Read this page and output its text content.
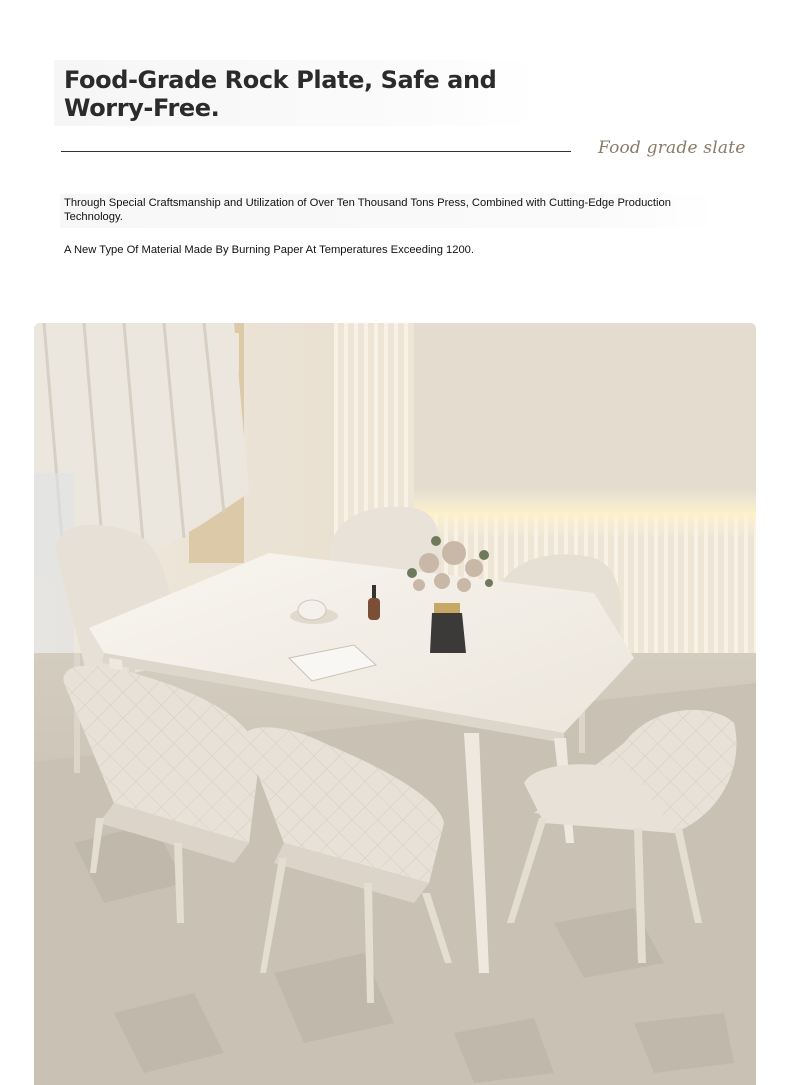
Food-Grade Rock Plate, Safe and Worry-Free.
Food grade slate

Through Special Craftsmanship and Utilization of Over Ten Thousand Tons Press, Combined with Cutting-Edge Production Technology.

A New Type Of Material Made By Burning Paper At Temperatures Exceeding 1200.
